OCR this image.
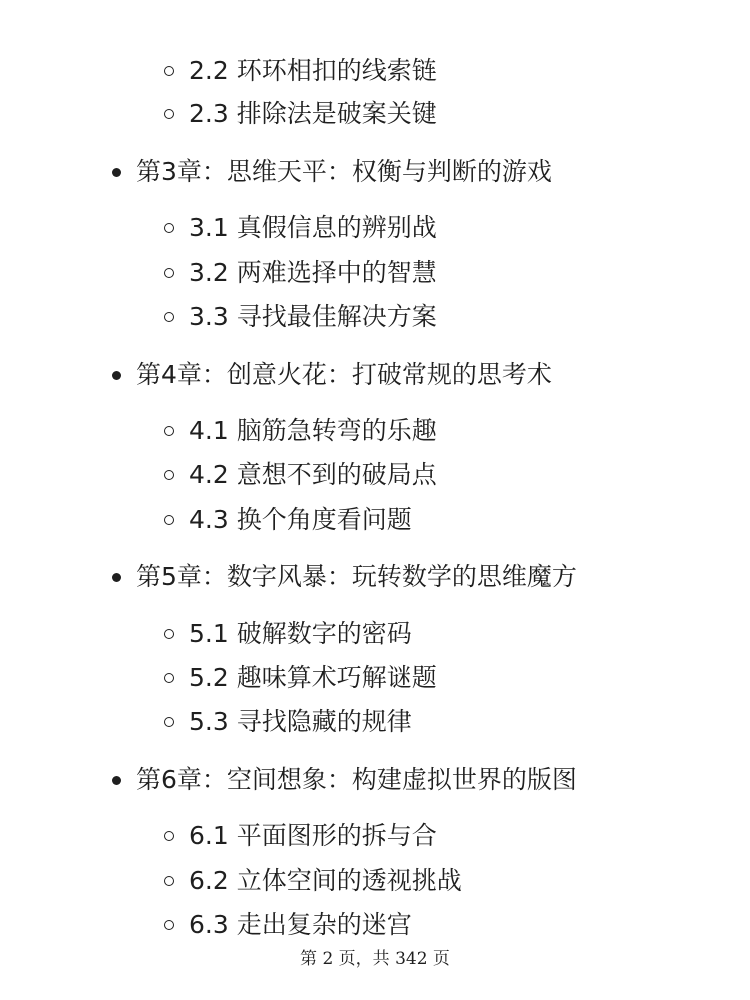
2.2 环环相扣的线索链
2.3 排除法是破案关键
第3章：思维天平：权衡与判断的游戏
3.1 真假信息的辨别战
3.2 两难选择中的智慧
3.3 寻找最佳解决方案
第4章：创意火花：打破常规的思考术
4.1 脑筋急转弯的乐趣
4.2 意想不到的破局点
4.3 换个角度看问题
第5章：数字风暴：玩转数学的思维魔方
5.1 破解数字的密码
5.2 趣味算术巧解谜题
5.3 寻找隐藏的规律
第6章：空间想象：构建虚拟世界的版图
6.1 平面图形的拆与合
6.2 立体空间的透视挑战
6.3 走出复杂的迷宫
第 2 页，共 342 页
